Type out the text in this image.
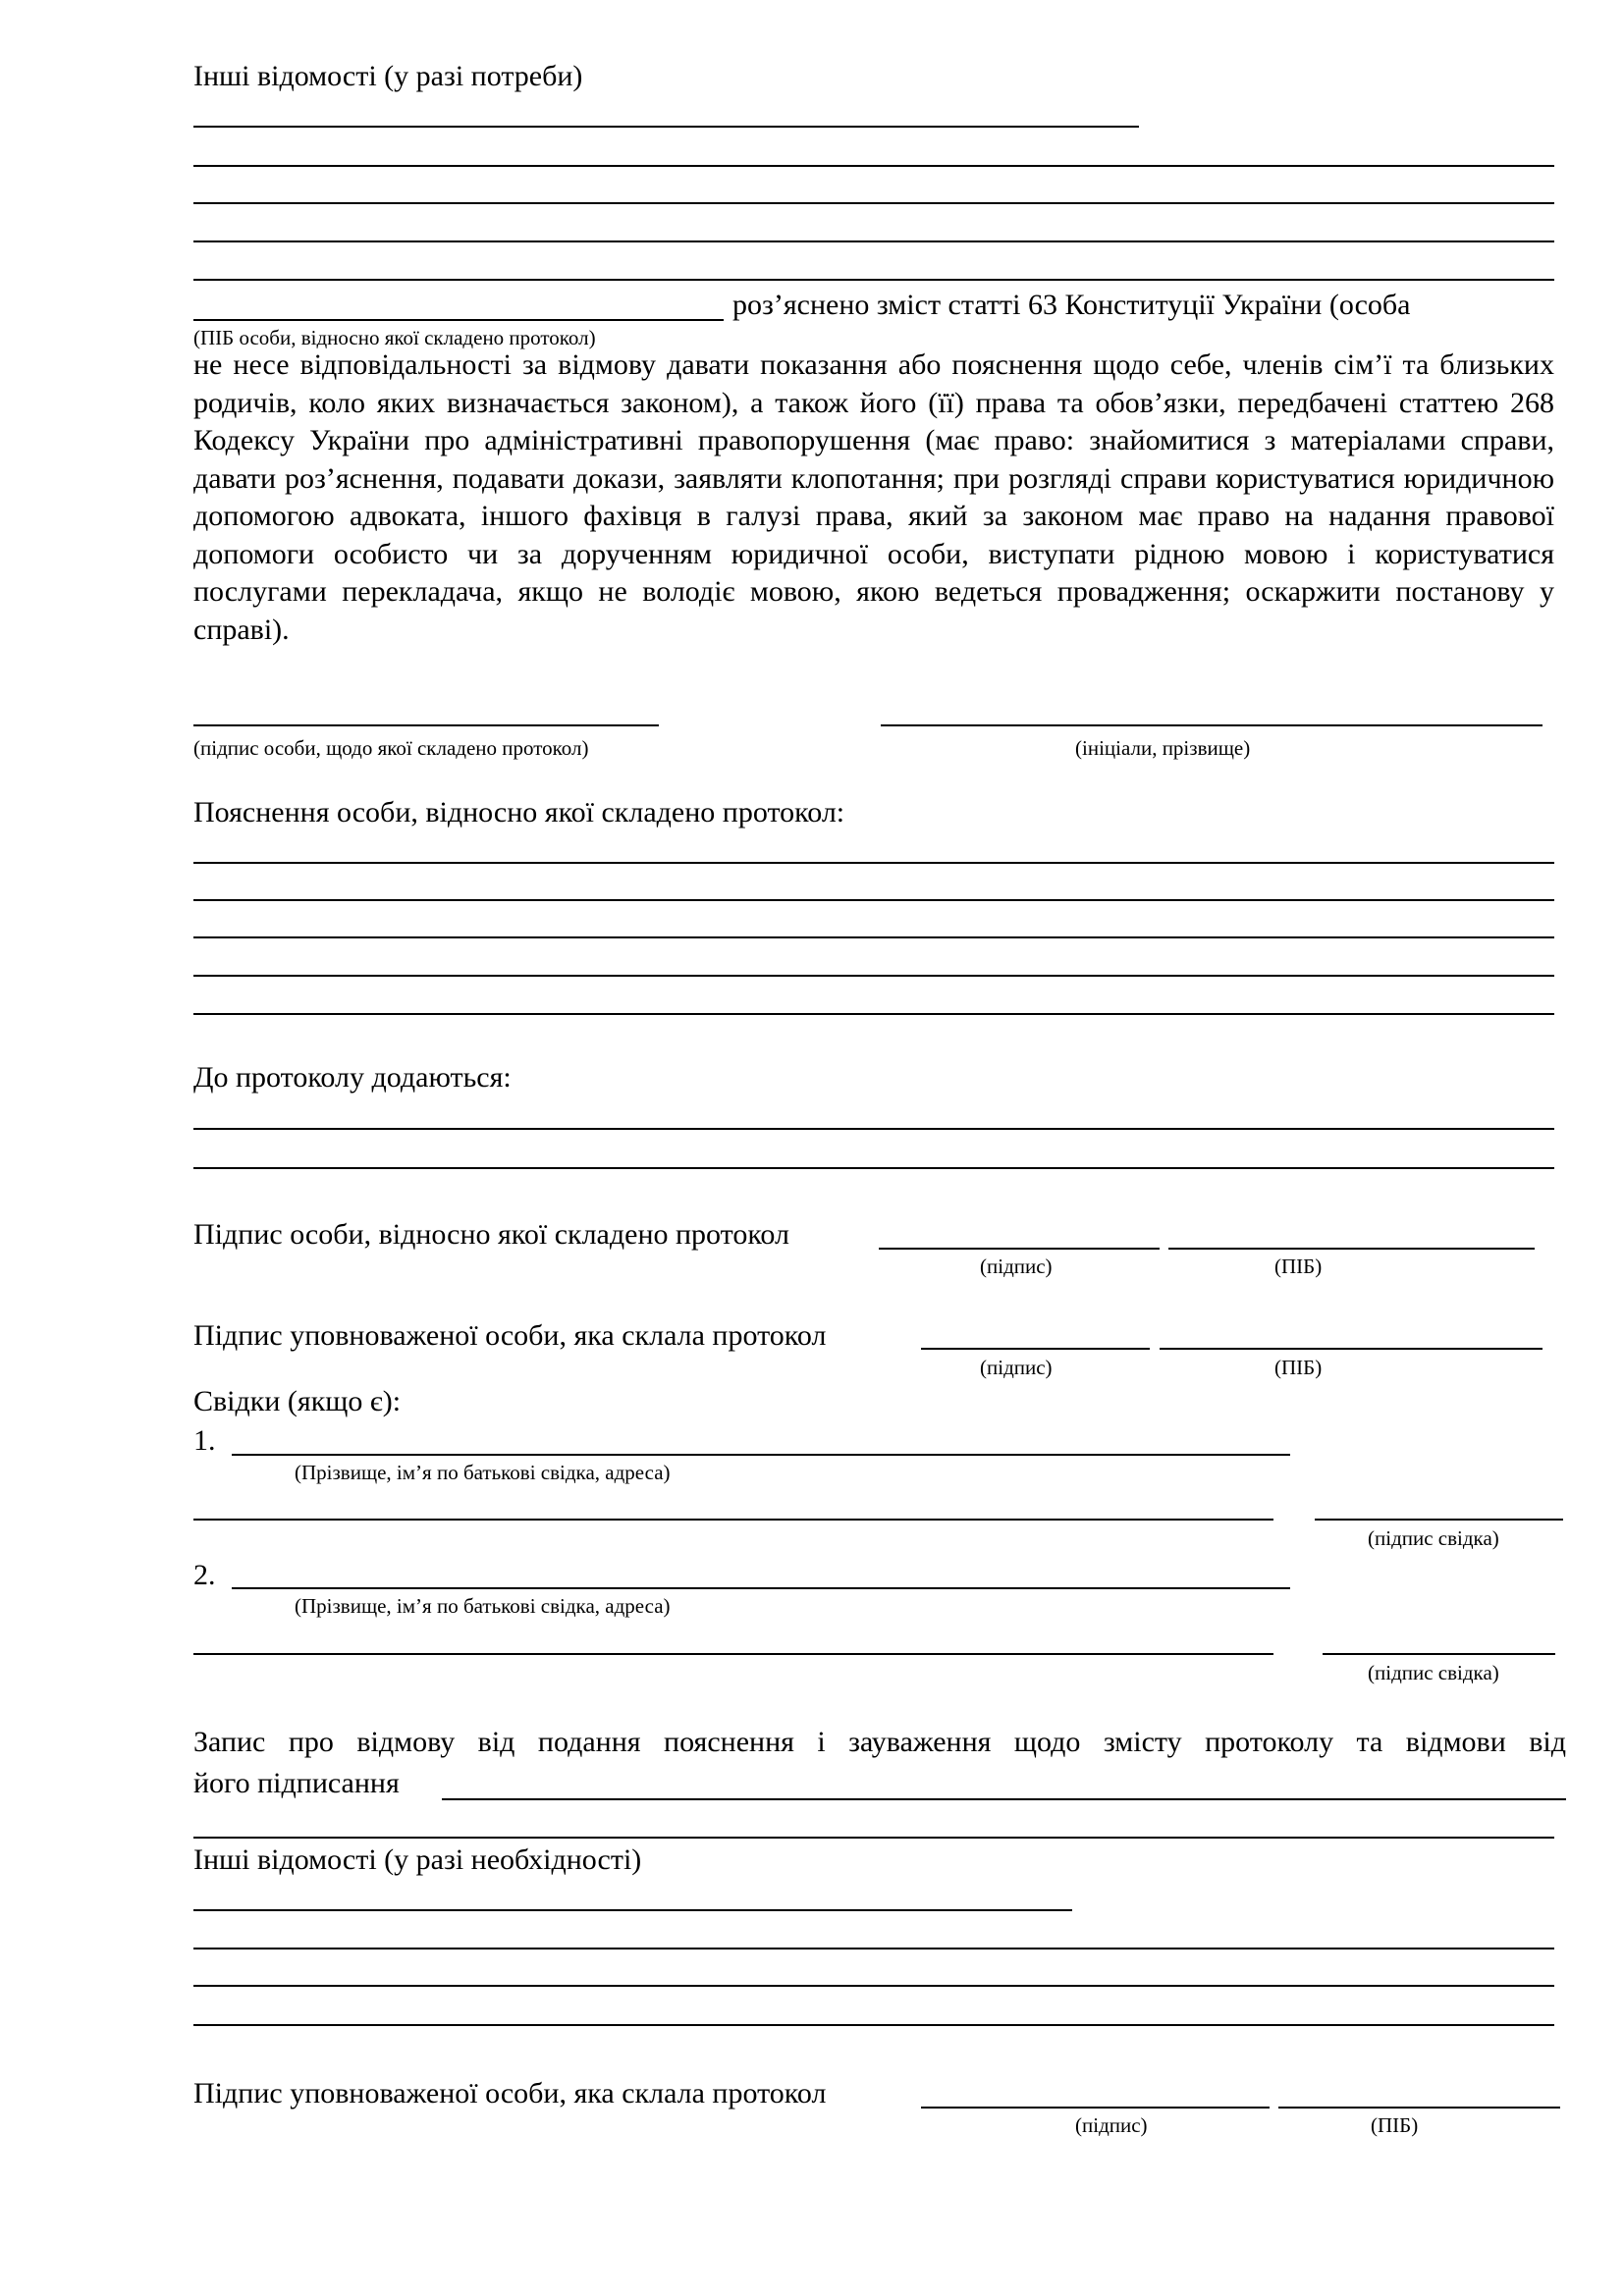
Інші відомості (у разі потреби)
роз’яснено зміст статті 63 Конституції України (особа
(ПІБ особи, відносно якої складено протокол)
не несе відповідальності за відмову давати показання або пояснення щодо себе, членів сім’ї та близьких родичів, коло яких визначається законом), а також його (її) права та обов’язки, передбачені статтею 268 Кодексу України про адміністративні правопорушення (має право: знайомитися з матеріалами справи, давати роз’яснення, подавати докази, заявляти клопотання; при розгляді справи користуватися юридичною допомогою адвоката, іншого фахівця в галузі права, який за законом має право на надання правової допомоги особисто чи за дорученням юридичної особи, виступати рідною мовою і користуватися послугами перекладача, якщо не володіє мовою, якою ведеться провадження; оскаржити постанову у справі).
(підпис особи, щодо якої складено протокол)	(ініціали, прізвище)
Пояснення особи, відносно якої складено протокол:
До протоколу додаються:
Підпис особи, відносно якої складено протокол
(підпис)	(ПІБ)
Підпис уповноваженої особи, яка склала протокол
(підпис)	(ПІБ)
Свідки (якщо є):
1.
(Прізвище, ім’я по батькові свідка, адреса)
(підпис свідка)
2.
(Прізвище, ім’я по батькові свідка, адреса)
(підпис свідка)
Запис про відмову від подання пояснення і зауваження щодо змісту протоколу та відмови від
його підписання
Інші відомості (у разі необхідності)
Підпис уповноваженої особи, яка склала протокол
(підпис)	(ПІБ)
